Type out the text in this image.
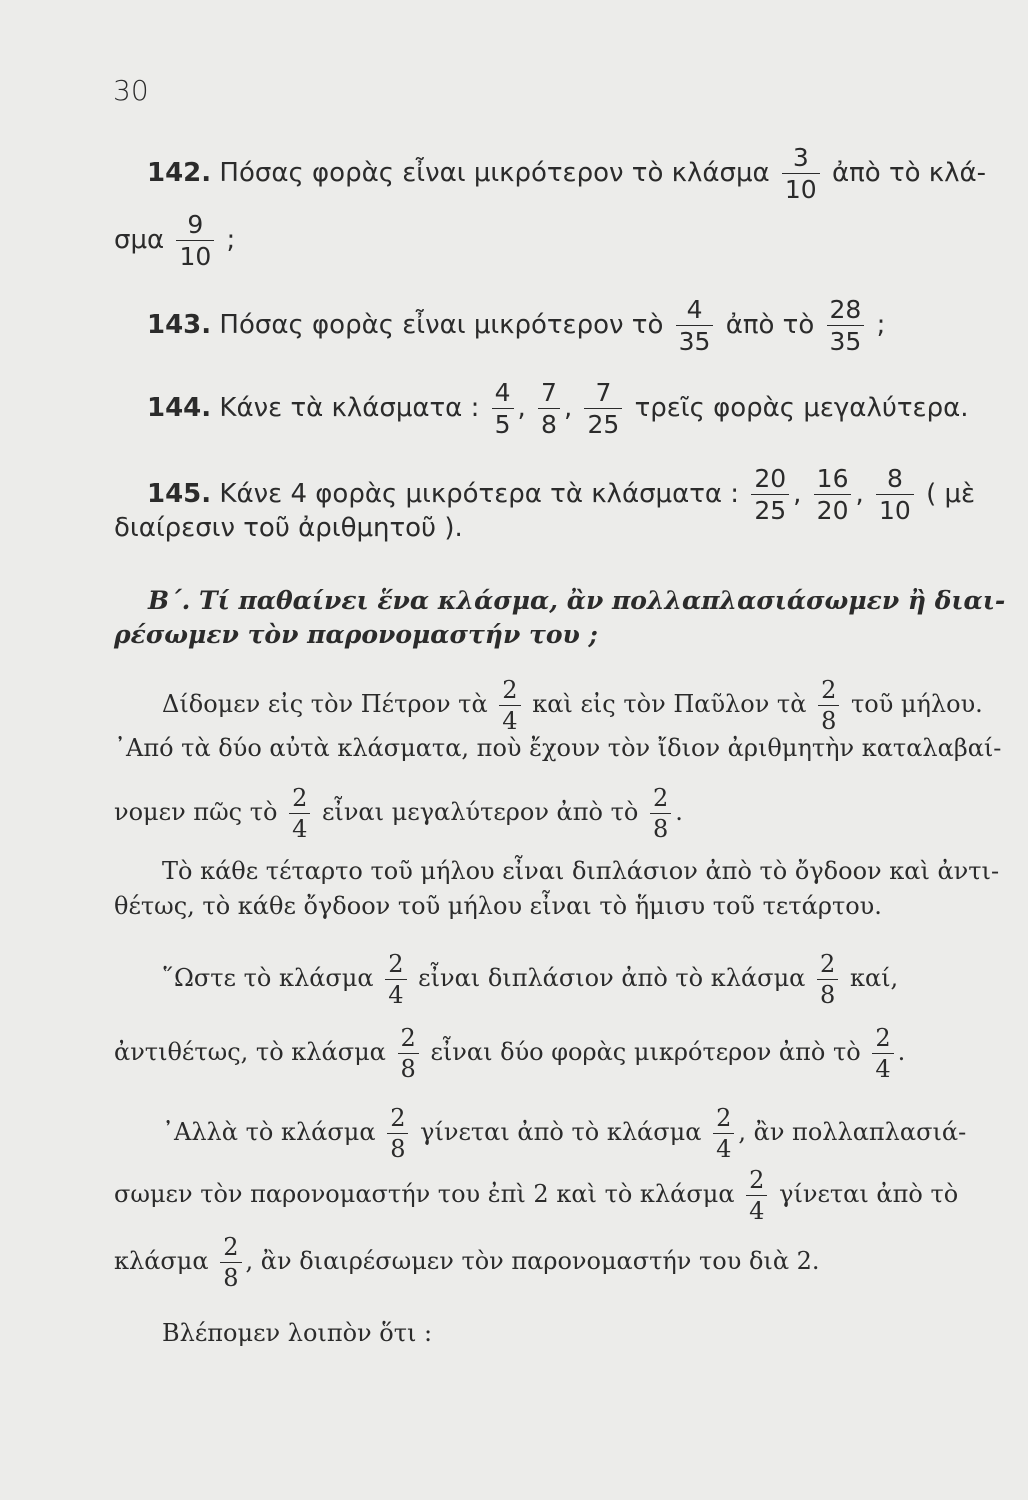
30
142. Πόσας φορὰς εἶναι μικρότερον τὸ κλάσμα $\frac{3}{10}$ ἀπὸ τὸ κλά-
σμα $\frac{9}{10}$ ;
143. Πόσας φορὰς εἶναι μικρότερον τὸ $\frac{4}{35}$ ἀπὸ τὸ $\frac{28}{35}$ ;
144. Κάνε τὰ κλάσματα : $\frac{4}{5}$ , $\frac{7}{8}$ , $\frac{7}{25}$ τρεῖς φορὰς μεγαλύτερα.
145. Κάνε 4 φορὰς μικρότερα τὰ κλάσματα : $\frac{20}{25}$ , $\frac{16}{20}$ , $\frac{8}{10}$ ( μὲ
διαίρεσιν τοῦ ἀριθμητοῦ ).
Β΄. Τί παθαίνει ἕνα κλάσμα, ἂν πολλαπλασιάσωμεν ἢ διαι-
ρέσωμεν τὸν παρονομαστήν του ;
Δίδομεν εἰς τὸν Πέτρον τὰ $\frac{2}{4}$ καὶ εἰς τὸν Παῦλον τὰ $\frac{2}{8}$ τοῦ μήλου.
᾿Από τὰ δύο αὐτὰ κλάσματα, ποὺ ἔχουν τὸν ἴδιον ἀριθμητὴν καταλαβαί-
νομεν πῶς τὸ $\frac{2}{4}$ εἶναι μεγαλύτερον ἀπὸ τὸ $\frac{2}{8}$ .
Τὸ κάθε τέταρτο τοῦ μήλου εἶναι διπλάσιον ἀπὸ τὸ ὄγδοον καὶ ἀντι-
θέτως, τὸ κάθε ὄγδοον τοῦ μήλου εἶναι τὸ ἥμισυ τοῦ τετάρτου.
῞Ωστε τὸ κλάσμα $\frac{2}{4}$ εἶναι διπλάσιον ἀπὸ τὸ κλάσμα $\frac{2}{8} \kappa\alpha ί$,
ἀντιθέτως, τὸ κλάσμα $\frac{2}{8}$ εἶναι δύο φορὰς μικρότερον ἀπὸ τὸ $\frac{2}{4}$ .
᾿Αλλὰ τὸ κλάσμα $\frac{2}{8}$ γίνεται ἀπὸ τὸ κλάσμα $\frac{2}{4}$ , ἂν πολλαπλασιά-
σωμεν τὸν παρονομαστήν του ἐπὶ 2 καὶ τὸ κλάσμα $\frac{2}{4}$ γίνεται ἀπὸ τὸ
κλάσμα $\frac{2}{8}$ , ἂν διαιρέσωμεν τὸν παρονομαστήν του διὰ 2.
Βλέπομεν λοιπὸν ὅτι :
